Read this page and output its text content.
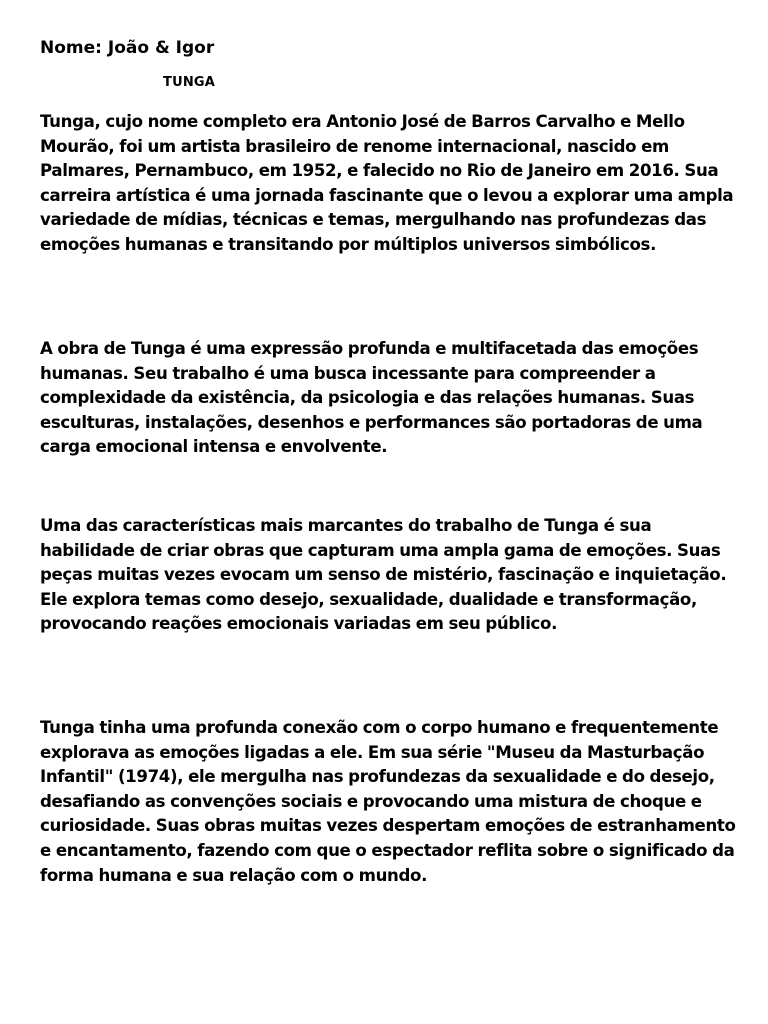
Nome: João & Igor

TUNGA

Tunga, cujo nome completo era Antonio José de Barros Carvalho e Mello Mourão, foi um artista brasileiro de renome internacional, nascido em Palmares, Pernambuco, em 1952, e falecido no Rio de Janeiro em 2016. Sua carreira artística é uma jornada fascinante que o levou a explorar uma ampla variedade de mídias, técnicas e temas, mergulhando nas profundezas das emoções humanas e transitando por múltiplos universos simbólicos.

A obra de Tunga é uma expressão profunda e multifacetada das emoções humanas. Seu trabalho é uma busca incessante para compreender a complexidade da existência, da psicologia e das relações humanas. Suas esculturas, instalações, desenhos e performances são portadoras de uma carga emocional intensa e envolvente.

Uma das características mais marcantes do trabalho de Tunga é sua habilidade de criar obras que capturam uma ampla gama de emoções. Suas peças muitas vezes evocam um senso de mistério, fascinação e inquietação. Ele explora temas como desejo, sexualidade, dualidade e transformação, provocando reações emocionais variadas em seu público.

Tunga tinha uma profunda conexão com o corpo humano e frequentemente explorava as emoções ligadas a ele. Em sua série "Museu da Masturbação Infantil" (1974), ele mergulha nas profundezas da sexualidade e do desejo, desafiando as convenções sociais e provocando uma mistura de choque e curiosidade. Suas obras muitas vezes despertam emoções de estranhamento e encantamento, fazendo com que o espectador reflita sobre o significado da forma humana e sua relação com o mundo.
